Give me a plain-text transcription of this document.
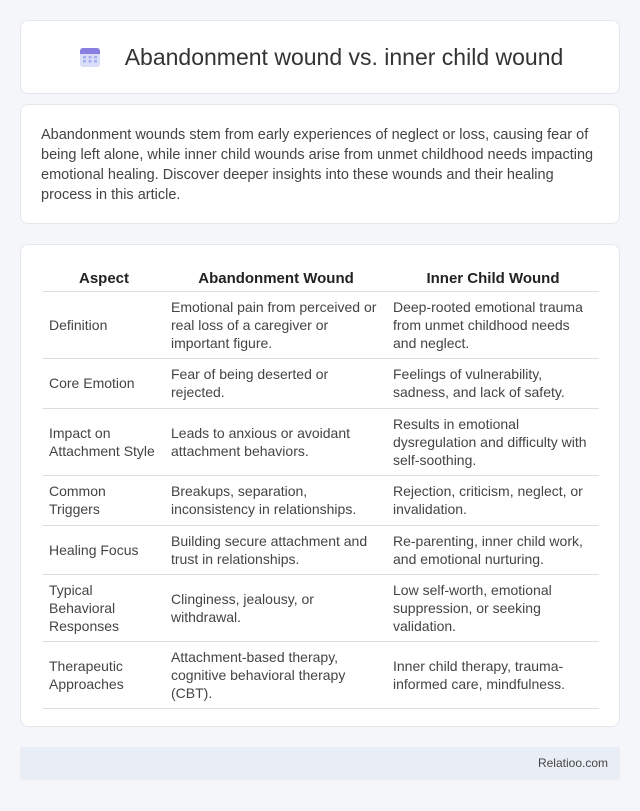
Abandonment wound vs. inner child wound

Abandonment wounds stem from early experiences of neglect or loss, causing fear of being left alone, while inner child wounds arise from unmet childhood needs impacting emotional healing. Discover deeper insights into these wounds and their healing process in this article.

Aspect	Abandonment Wound	Inner Child Wound
Definition	Emotional pain from perceived or real loss of a caregiver or important figure.	Deep-rooted emotional trauma from unmet childhood needs and neglect.
Core Emotion	Fear of being deserted or rejected.	Feelings of vulnerability, sadness, and lack of safety.
Impact on Attachment Style	Leads to anxious or avoidant attachment behaviors.	Results in emotional dysregulation and difficulty with self-soothing.
Common Triggers	Breakups, separation, inconsistency in relationships.	Rejection, criticism, neglect, or invalidation.
Healing Focus	Building secure attachment and trust in relationships.	Re-parenting, inner child work, and emotional nurturing.
Typical Behavioral Responses	Clinginess, jealousy, or withdrawal.	Low self-worth, emotional suppression, or seeking validation.
Therapeutic Approaches	Attachment-based therapy, cognitive behavioral therapy (CBT).	Inner child therapy, trauma-informed care, mindfulness.
Relatioo.com
